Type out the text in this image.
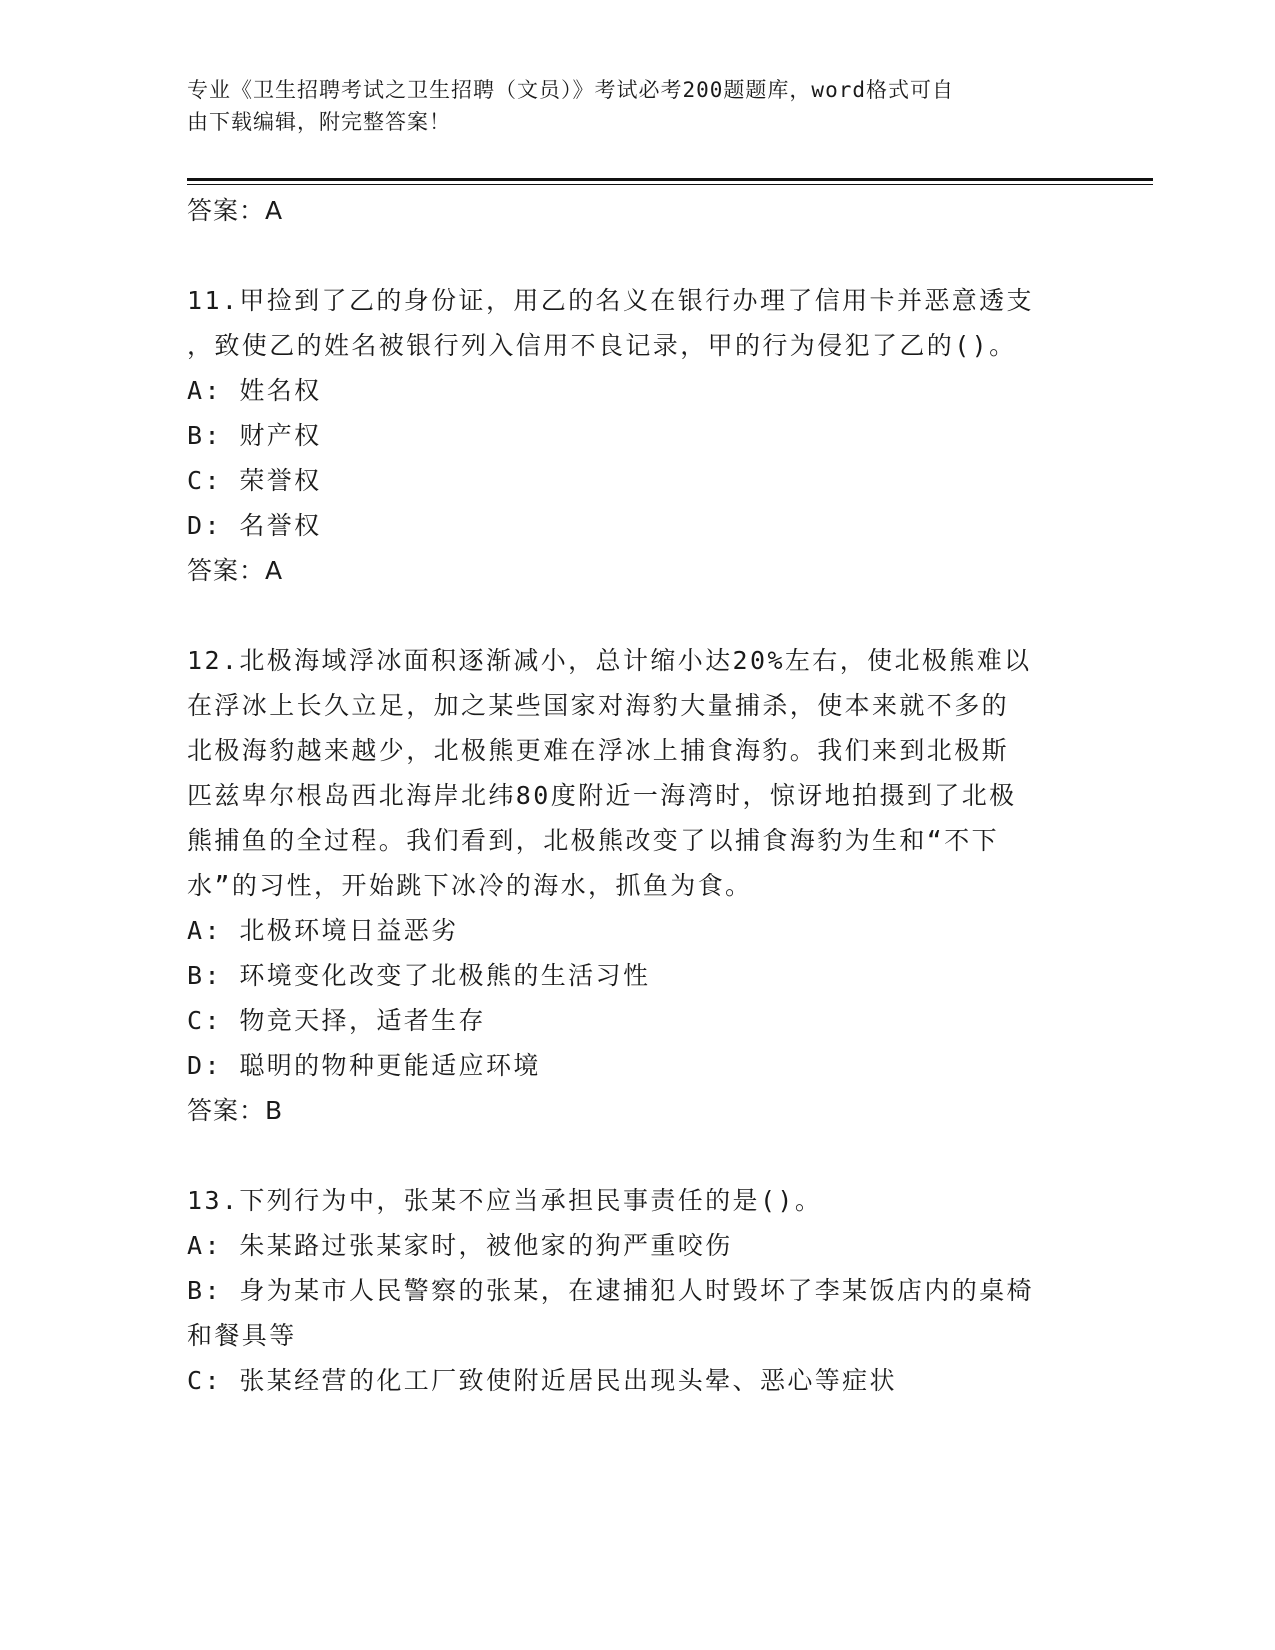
专业《卫生招聘考试之卫生招聘（文员）》考试必考200题题库，word格式可自
由下载编辑，附完整答案！
答案：A
11.甲捡到了乙的身份证，用乙的名义在银行办理了信用卡并恶意透支
，致使乙的姓名被银行列入信用不良记录，甲的行为侵犯了乙的()。
A: 姓名权
B: 财产权
C: 荣誉权
D: 名誉权
答案：A
12.北极海域浮冰面积逐渐减小，总计缩小达20%左右，使北极熊难以
在浮冰上长久立足，加之某些国家对海豹大量捕杀，使本来就不多的
北极海豹越来越少，北极熊更难在浮冰上捕食海豹。我们来到北极斯
匹兹卑尔根岛西北海岸北纬80度附近一海湾时，惊讶地拍摄到了北极
熊捕鱼的全过程。我们看到，北极熊改变了以捕食海豹为生和“不下
水”的习性，开始跳下冰冷的海水，抓鱼为食。
A: 北极环境日益恶劣
B: 环境变化改变了北极熊的生活习性
C: 物竞天择，适者生存
D: 聪明的物种更能适应环境
答案：B
13.下列行为中，张某不应当承担民事责任的是()。
A: 朱某路过张某家时，被他家的狗严重咬伤
B: 身为某市人民警察的张某，在逮捕犯人时毁坏了李某饭店内的桌椅
和餐具等
C: 张某经营的化工厂致使附近居民出现头晕、恶心等症状
